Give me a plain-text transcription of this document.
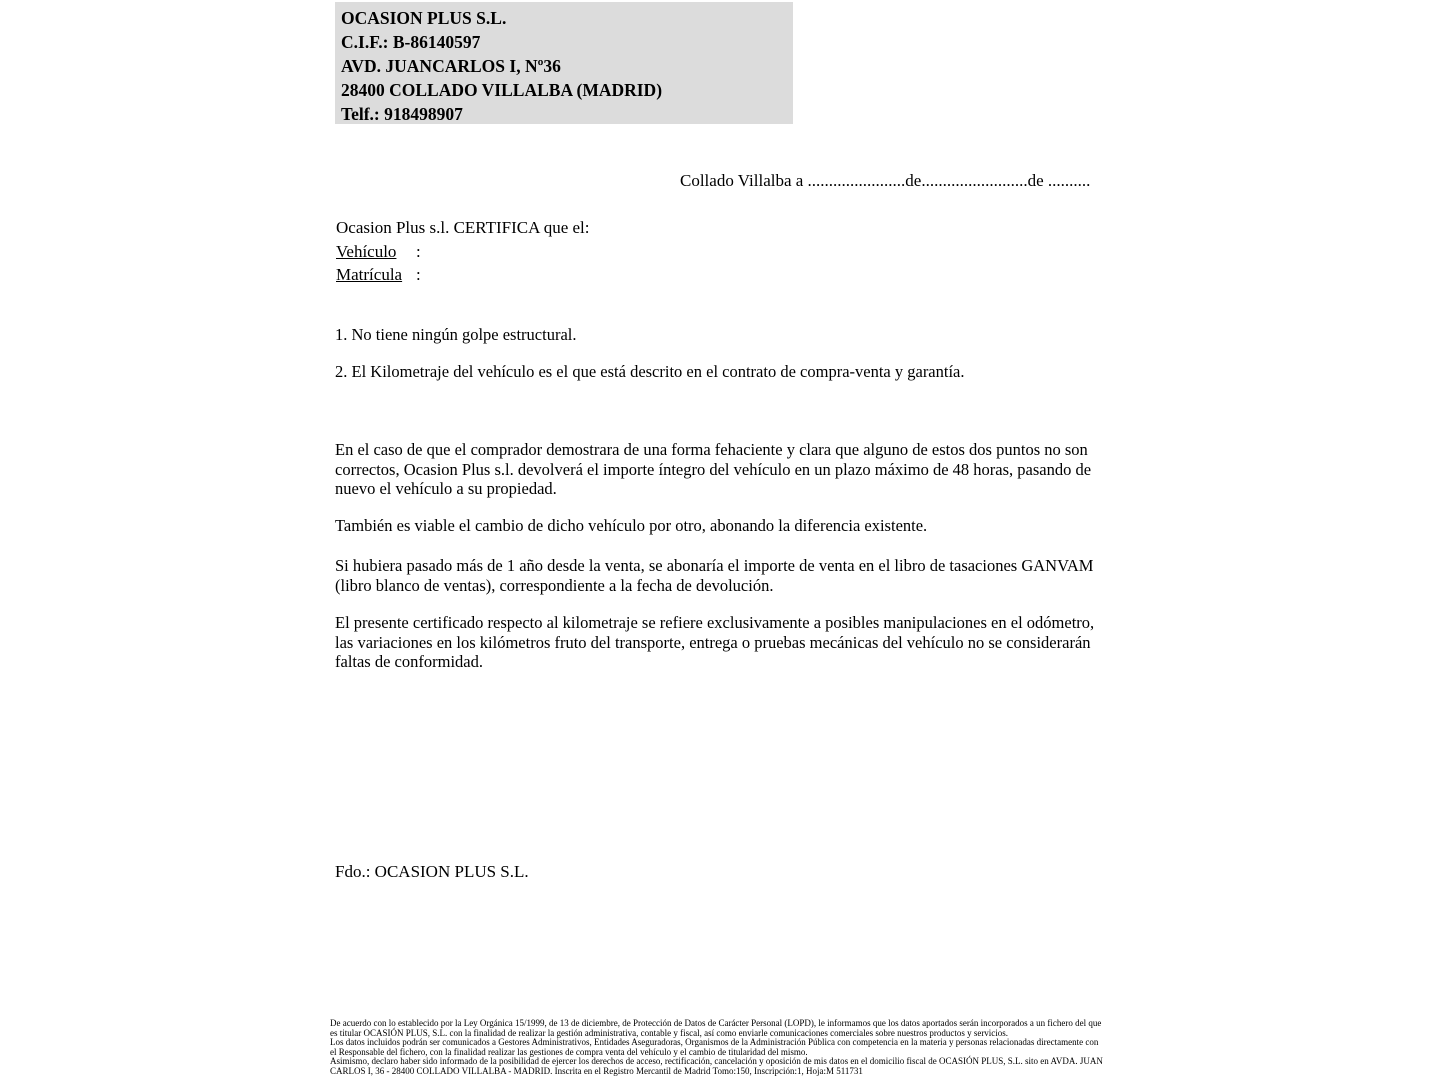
OCASION PLUS S.L.
C.I.F.: B-86140597
AVD. JUANCARLOS I, Nº36
28400 COLLADO VILLALBA (MADRID)
Telf.: 918498907
Collado Villalba a .......................de.........................de ..........
Ocasion Plus s.l. CERTIFICA que el:
Vehículo :
Matrícula :
1. No tiene ningún golpe estructural.
2. El Kilometraje del vehículo es el que está descrito en el contrato de compra-venta y garantía.
En el caso de que el comprador demostrara de una forma fehaciente y clara que alguno de estos dos puntos no son correctos, Ocasion Plus s.l. devolverá el importe íntegro del vehículo en un plazo máximo de 48 horas, pasando de nuevo el vehículo a su propiedad.
También es viable el cambio de dicho vehículo por otro, abonando la diferencia existente.
Si hubiera pasado más de 1 año desde la venta, se abonaría el importe de venta en el libro de tasaciones GANVAM (libro blanco de ventas), correspondiente a la fecha de devolución.
El presente certificado respecto al kilometraje se refiere exclusivamente a posibles manipulaciones en el odómetro, las variaciones en los kilómetros fruto del transporte, entrega o pruebas mecánicas del vehículo no se considerarán faltas de conformidad.
Fdo.: OCASION PLUS S.L.

De acuerdo con lo establecido por la Ley Orgánica 15/1999, de 13 de diciembre, de Protección de Datos de Carácter Personal (LOPD), le informamos que los datos aportados serán incorporados a un fichero del que es titular OCASIÓN PLUS, S.L. con la finalidad de realizar la gestión administrativa, contable y fiscal, así como enviarle comunicaciones comerciales sobre nuestros productos y servicios.

Los datos incluidos podrán ser comunicados a Gestores Administrativos, Entidades Aseguradoras, Organismos de la Administración Pública con competencia en la materia y personas relacionadas directamente con el Responsable del fichero, con la finalidad realizar las gestiones de compra venta del vehículo y el cambio de titularidad del mismo.

Asimismo, declaro haber sido informado de la posibilidad de ejercer los derechos de acceso, rectificación, cancelación y oposición de mis datos en el domicilio fiscal de OCASIÓN PLUS, S.L. sito en AVDA. JUAN CARLOS I, 36 - 28400 COLLADO VILLALBA - MADRID. Inscrita en el Registro Mercantil de Madrid Tomo:150, Inscripción:1, Hoja:M 511731
